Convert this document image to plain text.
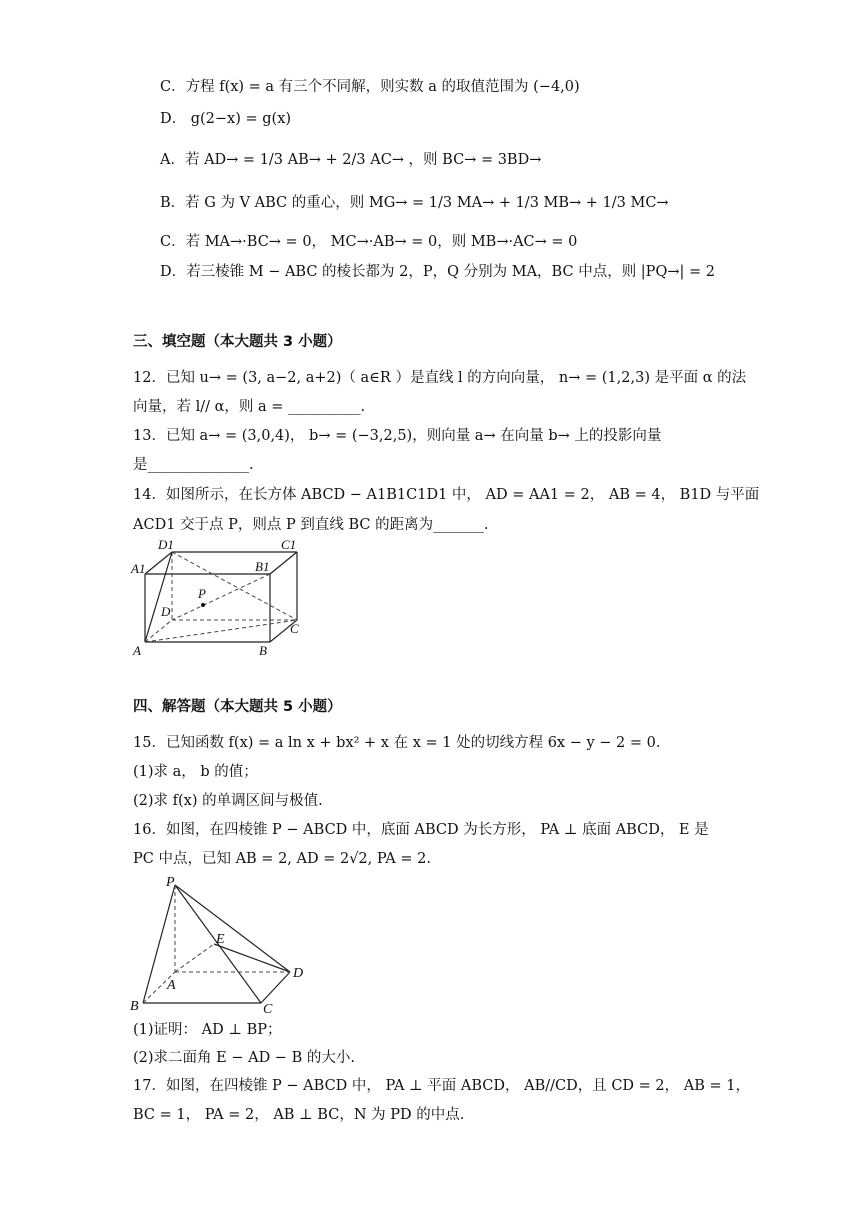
C．方程 f(x) = a 有三个不同解，则实数 a 的取值范围为 (−4,0)
D． g(2−x) = g(x)
A．若 AD→ = 1/3 AB→ + 2/3 AC→ ，则 BC→ = 3BD→
B．若 G 为 V ABC 的重心，则 MG→ = 1/3 MA→ + 1/3 MB→ + 1/3 MC→
C．若 MA→·BC→ = 0， MC→·AB→ = 0，则 MB→·AC→ = 0
D．若三棱锥 M − ABC 的棱长都为 2，P，Q 分别为 MA，BC 中点，则 |PQ→| = 2
三、填空题（本大题共 3 小题）
12．已知 u→ = (3, a−2, a+2)（ a∈R ）是直线 l 的方向向量， n→ = (1,2,3) 是平面 α 的法
向量，若 l// α，则 a = __________.
13．已知 a→ = (3,0,4)， b→ = (−3,2,5)，则向量 a→ 在向量 b→ 上的投影向量
是______________.
14．如图所示，在长方体 ABCD − A1B1C1D1 中， AD = AA1 = 2， AB = 4， B1D 与平面
ACD1 交于点 P，则点 P 到直线 BC 的距离为_______.
D1	C1
A1	B1
P
D
C
A	B
四、解答题（本大题共 5 小题）
15．已知函数 f(x) = a ln x + bx² + x 在 x = 1 处的切线方程 6x − y − 2 = 0.
(1)求 a， b 的值；
(2)求 f(x) 的单调区间与极值.
16．如图，在四棱锥 P − ABCD 中，底面 ABCD 为长方形， PA ⊥ 底面 ABCD， E 是
PC 中点，已知 AB = 2, AD = 2√2, PA = 2.
P
E
A
D
B	C
(1)证明： AD ⊥ BP；
(2)求二面角 E − AD − B 的大小.
17．如图，在四棱锥 P − ABCD 中， PA ⊥ 平面 ABCD， AB//CD，且 CD = 2， AB = 1，
BC = 1， PA = 2， AB ⊥ BC，N 为 PD 的中点.
